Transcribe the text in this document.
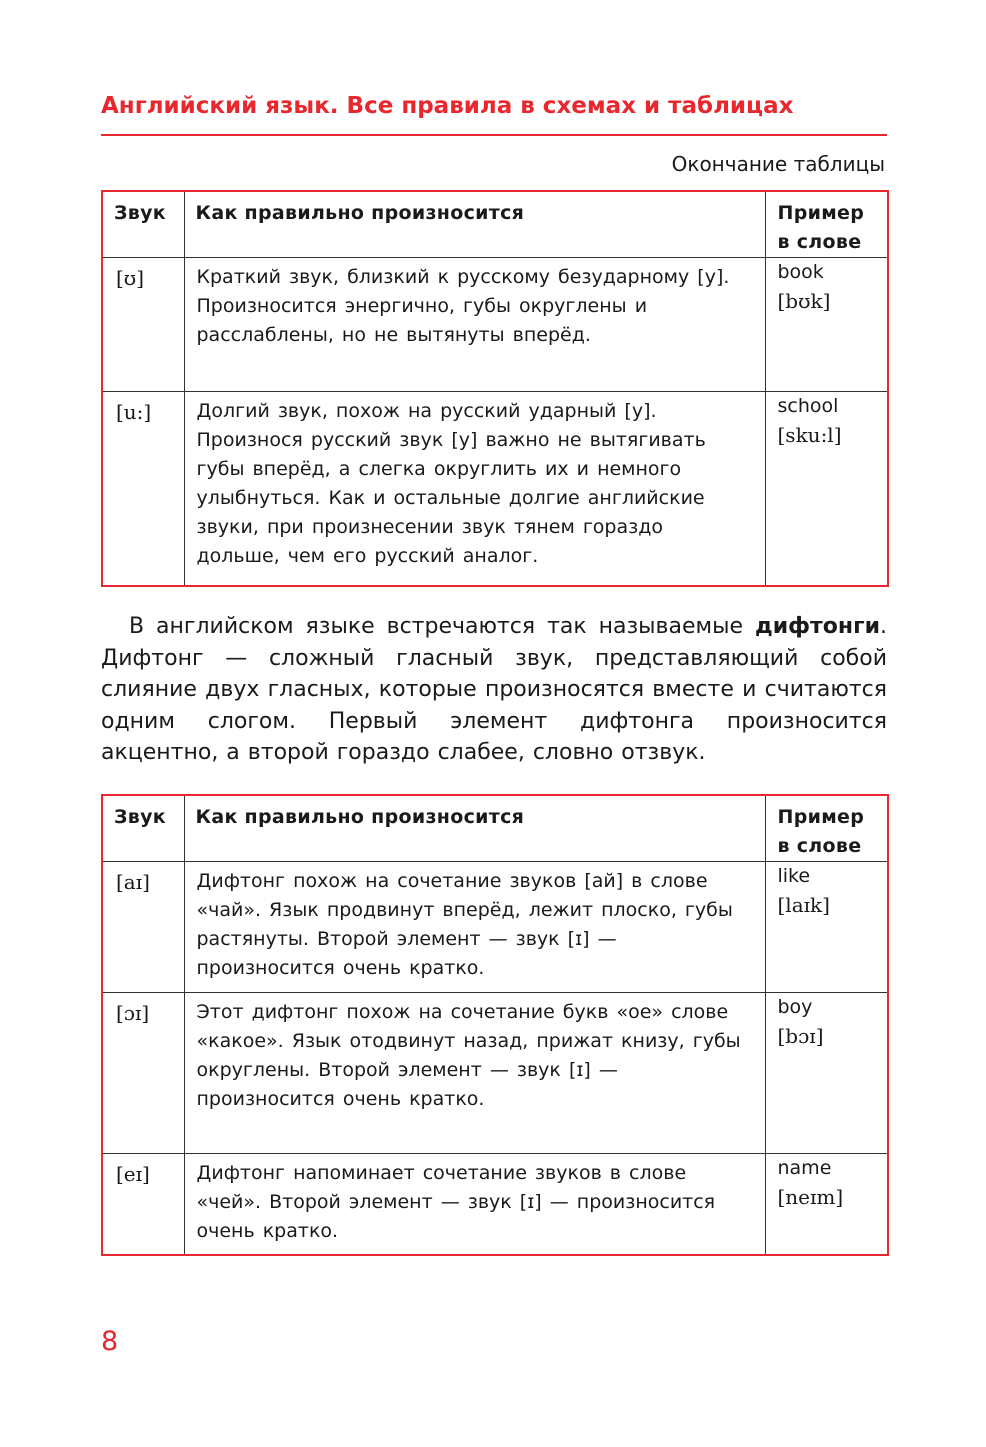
Английский язык. Все правила в схемах и таблицах
Окончание таблицы
Звук	Как правильно произносится	Пример
в слове

[ʊ]	Краткий звук, близкий к русскому безударному [у]. Произносится энергично, губы округлены и расслаблены, но не вытянуты вперёд.	book
[bʊk]

[u:]	Долгий звук, похож на русский ударный [у]. Произнося русский звук [у] важно не вытягивать губы вперёд, а слегка округлить их и немного улыбнуться. Как и остальные долгие английские звуки, при произнесении звук тянем гораздо дольше, чем его русский аналог.	school
[sku:l]
В английском языке встречаются так называемые дифтонги. Дифтонг — сложный гласный звук, представляющий собой слияние двух гласных, которые произносятся вместе и считаются одним слогом. Первый элемент дифтонга произносится акцентно, а второй гораздо слабее, словно отзвук.
Звук	Как правильно произносится	Пример
в слове

[aɪ]	Дифтонг похож на сочетание звуков [ай] в слове «чай». Язык продвинут вперёд, лежит плоско, губы растянуты. Второй элемент — звук [ɪ] — произносится очень кратко.	like
[laɪk]

[ɔɪ]	Этот дифтонг похож на сочетание букв «ое» слове «какое». Язык отодвинут назад, прижат книзу, губы округлены. Второй элемент — звук [ɪ] — произносится очень кратко.	boy
[bɔɪ]

[eɪ]	Дифтонг напоминает сочетание звуков в слове «чей». Второй элемент — звук [ɪ] — произносится очень кратко.	name
[neɪm]
8
